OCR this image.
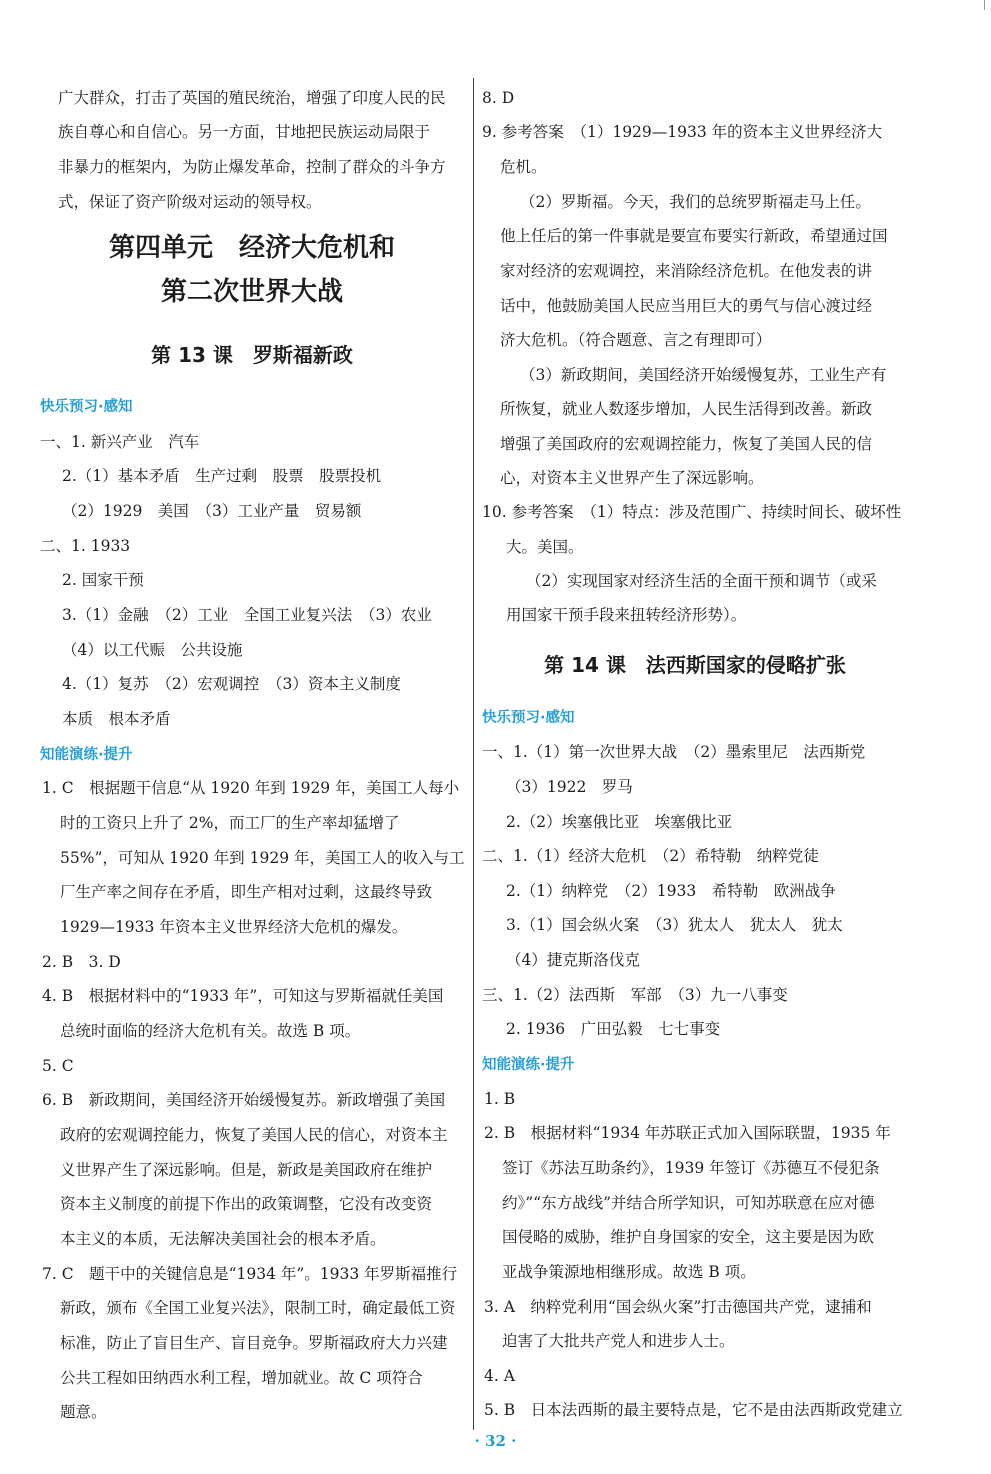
广大群众，打击了英国的殖民统治，增强了印度人民的民
族自尊心和自信心。另一方面，甘地把民族运动局限于
非暴力的框架内，为防止爆发革命，控制了群众的斗争方
式，保证了资产阶级对运动的领导权。
第四单元　经济大危机和
第二次世界大战
第 13 课　罗斯福新政
快乐预习·感知
一、1. 新兴产业　汽车
2.（1）基本矛盾　生产过剩　股票　股票投机
（2）1929　美国　（3）工业产量　贸易额
二、1. 1933
2. 国家干预
3.（1）金融　（2）工业　全国工业复兴法　（3）农业
（4）以工代赈　公共设施
4.（1）复苏　（2）宏观调控　（3）资本主义制度
本质　根本矛盾
知能演练·提升
1. C　根据题干信息“从 1920 年到 1929 年，美国工人每小
时的工资只上升了 2%，而工厂的生产率却猛增了
55%”，可知从 1920 年到 1929 年，美国工人的收入与工
厂生产率之间存在矛盾，即生产相对过剩，这最终导致
1929—1933 年资本主义世界经济大危机的爆发。
2. B　3. D
4. B　根据材料中的“1933 年”，可知这与罗斯福就任美国
总统时面临的经济大危机有关。故选 B 项。
5. C
6. B　新政期间，美国经济开始缓慢复苏。新政增强了美国
政府的宏观调控能力，恢复了美国人民的信心，对资本主
义世界产生了深远影响。但是，新政是美国政府在维护
资本主义制度的前提下作出的政策调整，它没有改变资
本主义的本质，无法解决美国社会的根本矛盾。
7. C　题干中的关键信息是“1934 年”。1933 年罗斯福推行
新政，颁布《全国工业复兴法》，限制工时，确定最低工资
标准，防止了盲目生产、盲目竞争。罗斯福政府大力兴建
公共工程如田纳西水利工程，增加就业。故 C 项符合
题意。
8. D
9. 参考答案　（1）1929—1933 年的资本主义世界经济大
危机。
（2）罗斯福。今天，我们的总统罗斯福走马上任。
他上任后的第一件事就是要宣布要实行新政，希望通过国
家对经济的宏观调控，来消除经济危机。在他发表的讲
话中，他鼓励美国人民应当用巨大的勇气与信心渡过经
济大危机。（符合题意、言之有理即可）
（3）新政期间，美国经济开始缓慢复苏，工业生产有
所恢复，就业人数逐步增加，人民生活得到改善。新政
增强了美国政府的宏观调控能力，恢复了美国人民的信
心，对资本主义世界产生了深远影响。
10. 参考答案　（1）特点：涉及范围广、持续时间长、破坏性
大。美国。
（2）实现国家对经济生活的全面干预和调节（或采
用国家干预手段来扭转经济形势）。
第 14 课　法西斯国家的侵略扩张
快乐预习·感知
一、1.（1）第一次世界大战　（2）墨索里尼　法西斯党
（3）1922　罗马
2.（2）埃塞俄比亚　埃塞俄比亚
二、1.（1）经济大危机　（2）希特勒　纳粹党徒
2.（1）纳粹党　（2）1933　希特勒　欧洲战争
3.（1）国会纵火案　（3）犹太人　犹太人　犹太
（4）捷克斯洛伐克
三、1.（2）法西斯　军部　（3）九一八事变
2. 1936　广田弘毅　七七事变
知能演练·提升
1. B
2. B　根据材料“1934 年苏联正式加入国际联盟，1935 年
签订《苏法互助条约》，1939 年签订《苏德互不侵犯条
约》”“东方战线”并结合所学知识，可知苏联意在应对德
国侵略的威胁，维护自身国家的安全，这主要是因为欧
亚战争策源地相继形成。故选 B 项。
3. A　纳粹党利用“国会纵火案”打击德国共产党，逮捕和
迫害了大批共产党人和进步人士。
4. A
5. B　日本法西斯的最主要特点是，它不是由法西斯政党建立
· 32 ·
